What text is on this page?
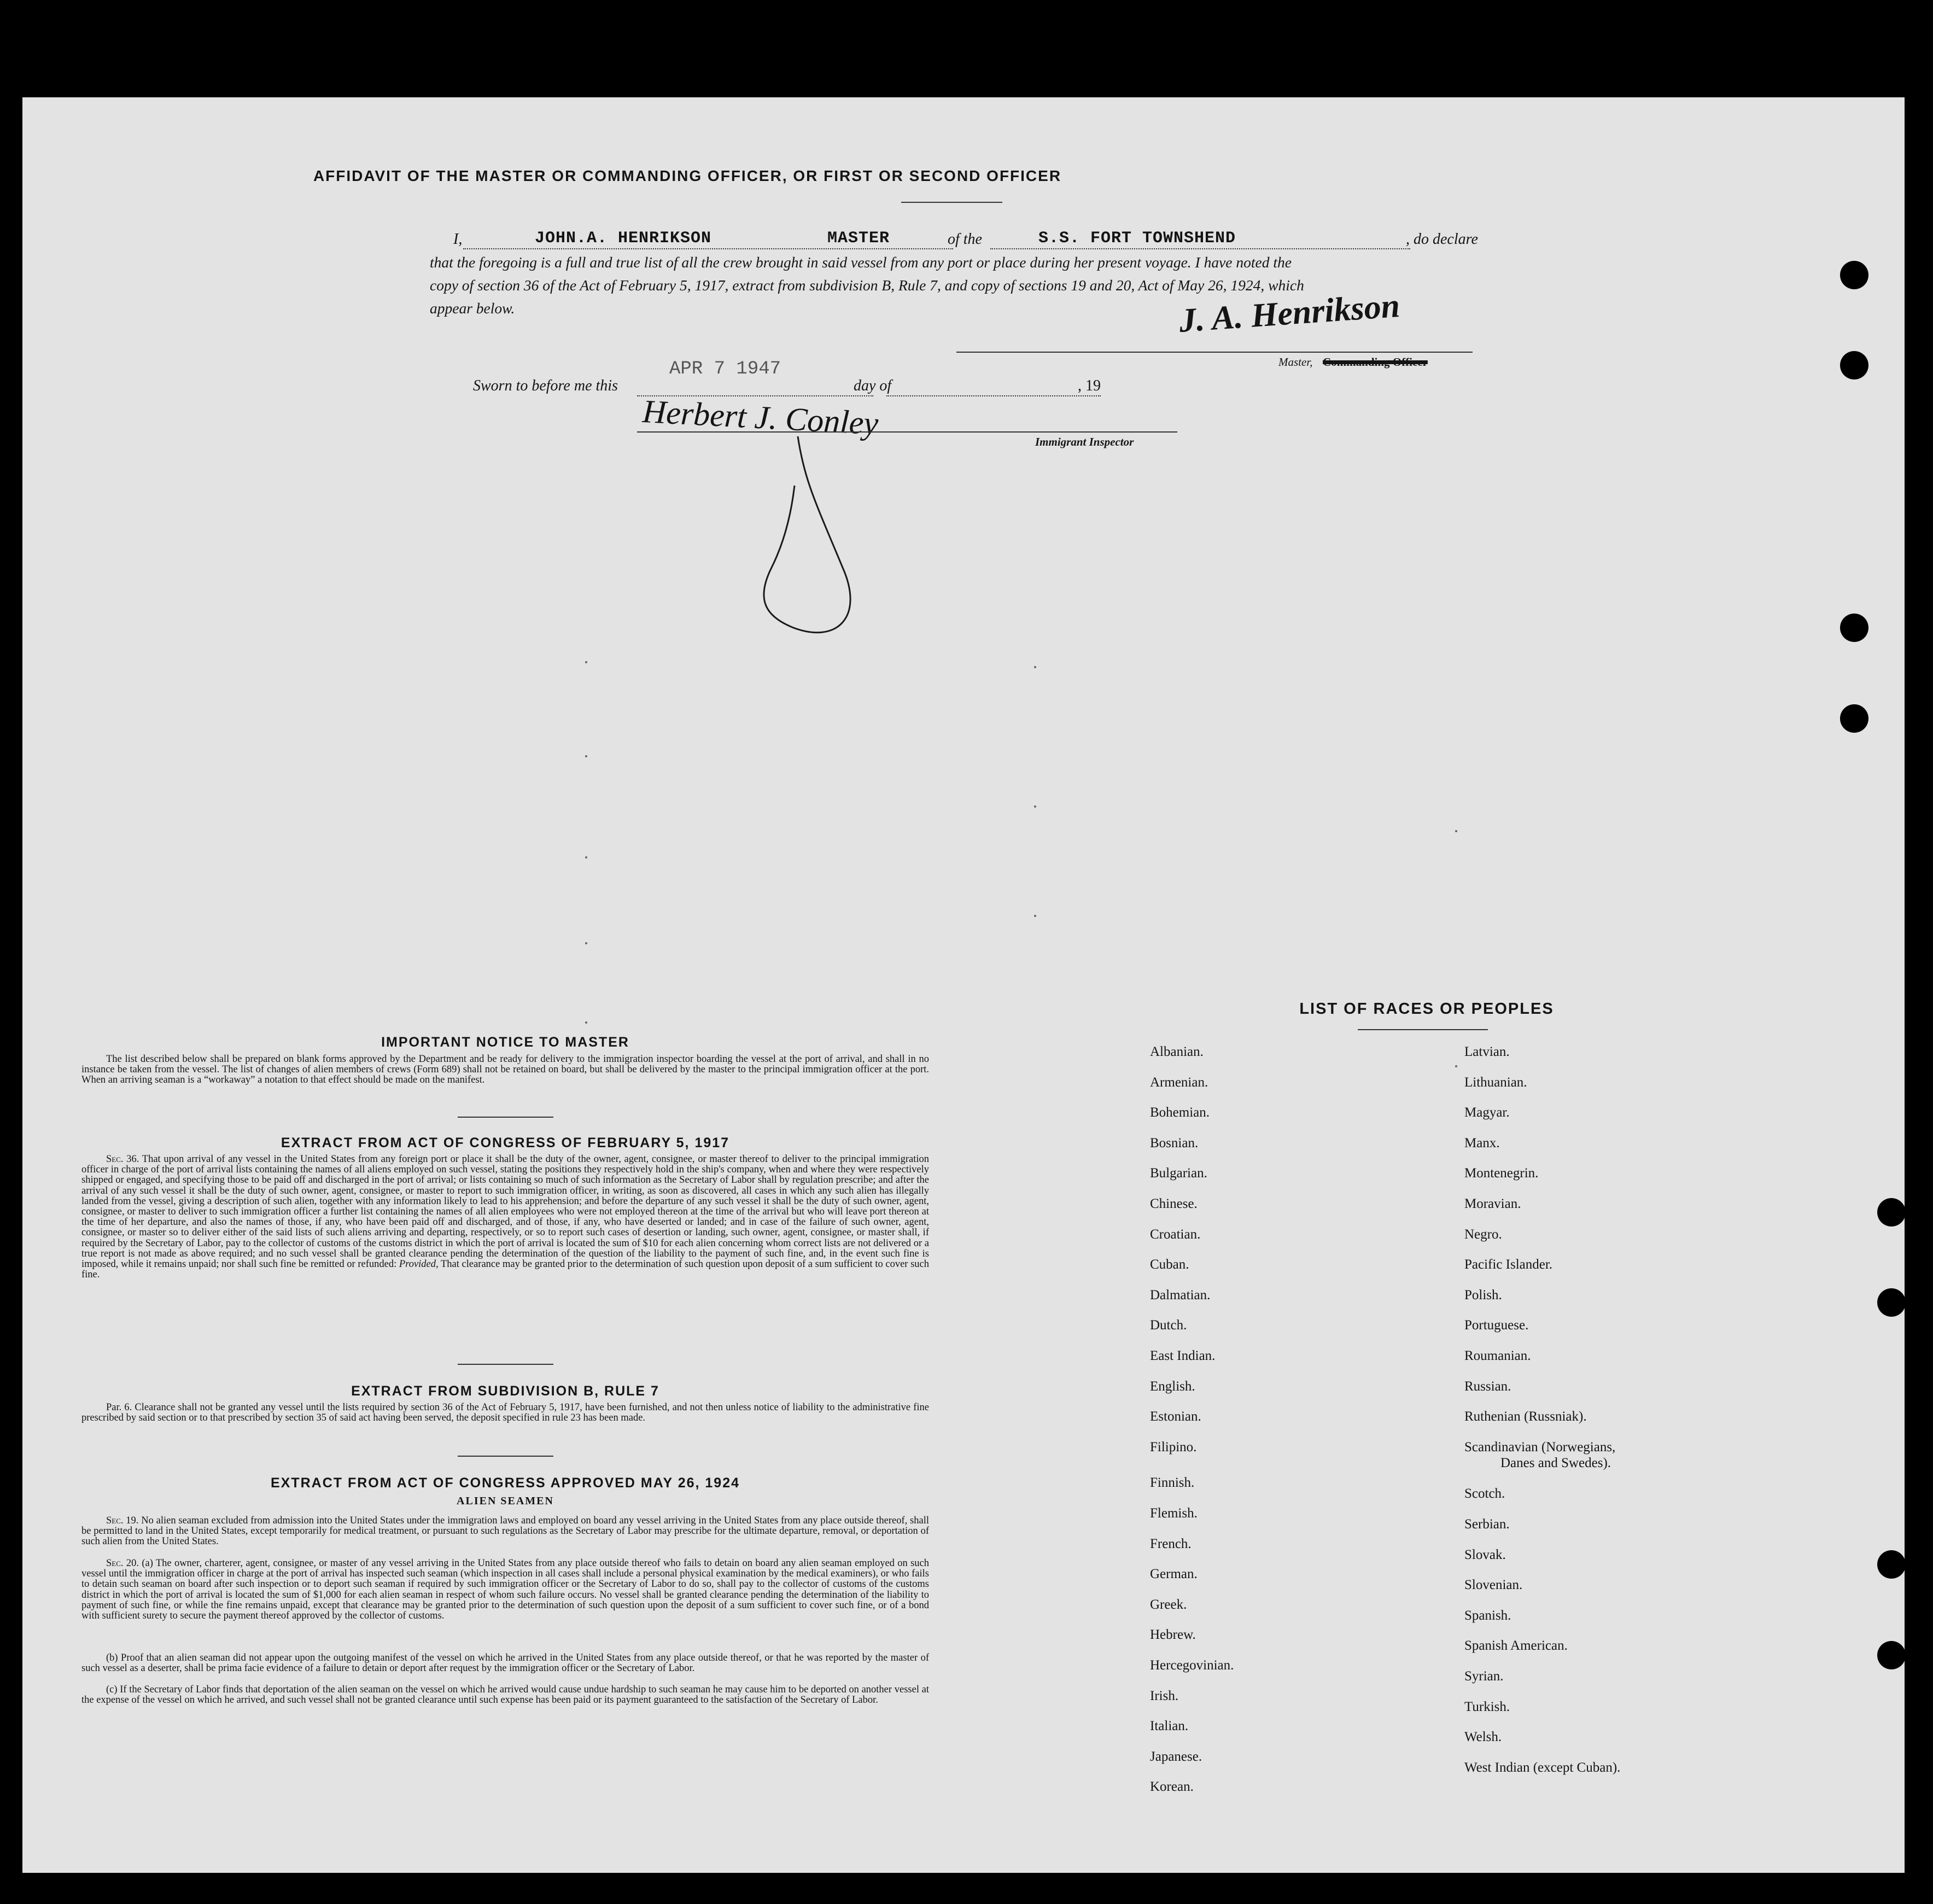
AFFIDAVIT OF THE MASTER OR COMMANDING OFFICER, OR FIRST OR SECOND OFFICER
I,	JOHN.A. HENRIKSON	MASTER	of the	S.S. FORT TOWNSHEND	, do declare
that the foregoing is a full and true list of all the crew brought in said vessel from any port or place during her present voyage. I have noted the
copy of section 36 of the Act of February 5, 1917, extract from subdivision B, Rule 7, and copy of sections 19 and 20, Act of May 26, 1924, which
appear below.	J. A. Henrikson
Master, Commanding Officer
Sworn to before me this
APR 7 1947
day of	, 19
Herbert J. Conley
Immigrant Inspector
IMPORTANT NOTICE TO MASTER

The list described below shall be prepared on blank forms approved by the Department and be ready for delivery to the immigration inspector boarding the vessel at the port of arrival, and shall in no instance be taken from the vessel. The list of changes of alien members of crews (Form 689) shall not be retained on board, but shall be delivered by the master to the principal immigration officer at the port. When an arriving seaman is a “workaway” a notation to that effect should be made on the manifest.

EXTRACT FROM ACT OF CONGRESS OF FEBRUARY 5, 1917

Sec. 36. That upon arrival of any vessel in the United States from any foreign port or place it shall be the duty of the owner, agent, consignee, or master thereof to deliver to the principal immigration officer in charge of the port of arrival lists containing the names of all aliens employed on such vessel, stating the positions they respectively hold in the ship's company, when and where they were respectively shipped or engaged, and specifying those to be paid off and discharged in the port of arrival; or lists containing so much of such information as the Secretary of Labor shall by regulation prescribe; and after the arrival of any such vessel it shall be the duty of such owner, agent, consignee, or master to report to such immigration officer, in writing, as soon as discovered, all cases in which any such alien has illegally landed from the vessel, giving a description of such alien, together with any information likely to lead to his apprehension; and before the departure of any such vessel it shall be the duty of such owner, agent, consignee, or master to deliver to such immigration officer a further list containing the names of all alien employees who were not employed thereon at the time of the arrival but who will leave port thereon at the time of her departure, and also the names of those, if any, who have been paid off and discharged, and of those, if any, who have deserted or landed; and in case of the failure of such owner, agent, consignee, or master so to deliver either of the said lists of such aliens arriving and departing, respectively, or so to report such cases of desertion or landing, such owner, agent, consignee, or master shall, if required by the Secretary of Labor, pay to the collector of customs of the customs district in which the port of arrival is located the sum of $10 for each alien concerning whom correct lists are not delivered or a true report is not made as above required; and no such vessel shall be granted clearance pending the determination of the question of the liability to the payment of such fine, and, in the event such fine is imposed, while it remains unpaid; nor shall such fine be remitted or refunded: Provided, That clearance may be granted prior to the determination of such question upon deposit of a sum sufficient to cover such fine.

EXTRACT FROM SUBDIVISION B, RULE 7

Par. 6. Clearance shall not be granted any vessel until the lists required by section 36 of the Act of February 5, 1917, have been furnished, and not then unless notice of liability to the administrative fine prescribed by said section or to that prescribed by section 35 of said act having been served, the deposit specified in rule 23 has been made.

EXTRACT FROM ACT OF CONGRESS APPROVED MAY 26, 1924
ALIEN SEAMEN

Sec. 19. No alien seaman excluded from admission into the United States under the immigration laws and employed on board any vessel arriving in the United States from any place outside thereof, shall be permitted to land in the United States, except temporarily for medical treatment, or pursuant to such regulations as the Secretary of Labor may prescribe for the ultimate departure, removal, or deportation of such alien from the United States.

Sec. 20. (a) The owner, charterer, agent, consignee, or master of any vessel arriving in the United States from any place outside thereof who fails to detain on board any alien seaman employed on such vessel until the immigration officer in charge at the port of arrival has inspected such seaman (which inspection in all cases shall include a personal physical examination by the medical examiners), or who fails to detain such seaman on board after such inspection or to deport such seaman if required by such immigration officer or the Secretary of Labor to do so, shall pay to the collector of customs of the customs district in which the port of arrival is located the sum of $1,000 for each alien seaman in respect of whom such failure occurs. No vessel shall be granted clearance pending the determination of the liability to payment of such fine, or while the fine remains unpaid, except that clearance may be granted prior to the determination of such question upon the deposit of a sum sufficient to cover such fine, or of a bond with sufficient surety to secure the payment thereof approved by the collector of customs.

(b) Proof that an alien seaman did not appear upon the outgoing manifest of the vessel on which he arrived in the United States from any place outside thereof, or that he was reported by the master of such vessel as a deserter, shall be prima facie evidence of a failure to detain or deport after request by the immigration officer or the Secretary of Labor.

(c) If the Secretary of Labor finds that deportation of the alien seaman on the vessel on which he arrived would cause undue hardship to such seaman he may cause him to be deported on another vessel at the expense of the vessel on which he arrived, and such vessel shall not be granted clearance until such expense has been paid or its payment guaranteed to the satisfaction of the Secretary of Labor.

LIST OF RACES OR PEOPLES

Albanian.

Armenian.

Bohemian.

Bosnian.

Bulgarian.

Chinese.

Croatian.

Cuban.

Dalmatian.

Dutch.

East Indian.

English.

Estonian.

Filipino.

Finnish.

Flemish.

French.

German.

Greek.

Hebrew.

Hercegovinian.

Irish.

Italian.

Japanese.

Korean.

Latvian.

Lithuanian.

Magyar.

Manx.

Montenegrin.

Moravian.

Negro.

Pacific Islander.

Polish.

Portuguese.

Roumanian.

Russian.

Ruthenian (Russniak).

Scandinavian (Norwegians,

Scotch.

Serbian.

Slovak.

Slovenian.

Spanish.

Spanish American.

Syrian.

Turkish.

Welsh.

West Indian (except Cuban).

Danes and Swedes).
